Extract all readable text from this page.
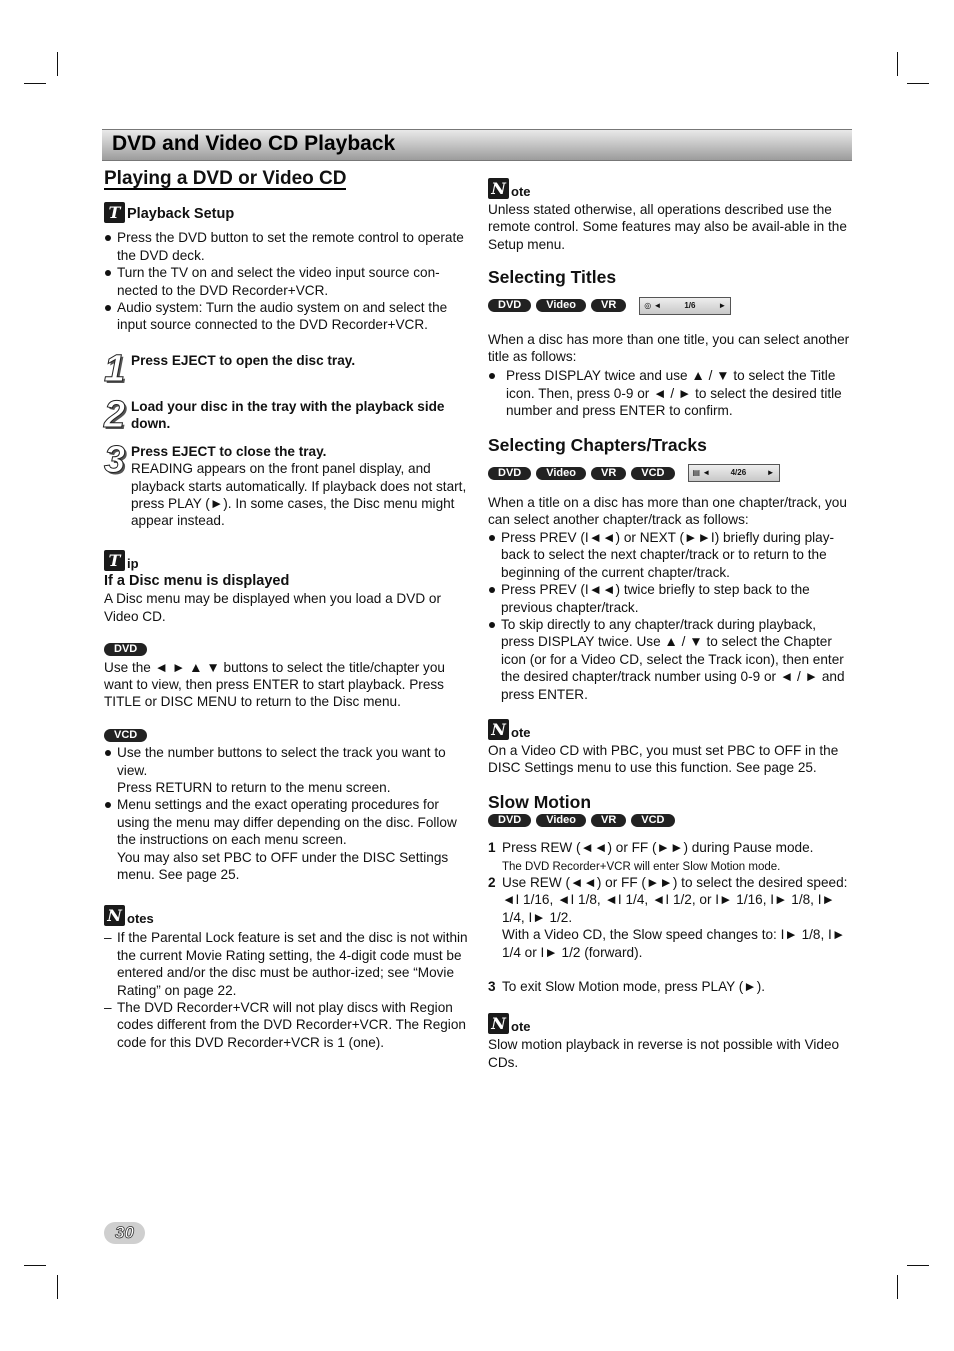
DVD and Video CD Playback
Playing a DVD or Video CD
T Playback Setup
Press the DVD button to set the remote control to operate the DVD deck.
Turn the TV on and select the video input source con-nected to the DVD Recorder+VCR.
Audio system: Turn the audio system on and select the input source connected to the DVD Recorder+VCR.
1 Press EJECT to open the disc tray.

2 Load your disc in the tray with the playback side down.

3 Press EJECT to close the tray.

READING appears on the front panel display, and playback starts automatically. If playback does not start, press PLAY (►). In some cases, the Disc menu might appear instead.

T ip

If a Disc menu is displayed

A Disc menu may be displayed when you load a DVD or Video CD.

DVD

Use the ◄ ► ▲ ▼ buttons to select the title/chapter you want to view, then press ENTER to start playback. Press TITLE or DISC MENU to return to the Disc menu.

VCD
Use the number buttons to select the track you want to view.
Press RETURN to return to the menu screen.
Menu settings and the exact operating procedures for using the menu may differ depending on the disc. Follow the instructions on each menu screen.
You may also set PBC to OFF under the DISC Settings menu. See page 25.
N otes
– If the Parental Lock feature is set and the disc is not within the current Movie Rating setting, the 4-digit code must be entered and/or the disc must be author-ized; see “Movie Rating” on page 22.
– The DVD Recorder+VCR will not play discs with Region codes different from the DVD Recorder+VCR. The Region code for this DVD Recorder+VCR is 1 (one).
N ote

Unless stated otherwise, all operations described use the remote control. Some features may also be avail-able in the Setup menu.

Selecting Titles
DVD	Video	VR	◎ ◄	1/6	►

When a disc has more than one title, you can select another title as follows:

Press DISPLAY twice and use ▲ / ▼ to select the Title icon. Then, press 0-9 or ◄ / ► to select the desired title number and press ENTER to confirm.
Selecting Chapters/Tracks
DVD	Video	VR	VCD	▤ ◄	4/26	►

When a title on a disc has more than one chapter/track, you can select another chapter/track as follows:

Press PREV (I◄◄) or NEXT (►►I) briefly during play-back to select the next chapter/track or to return to the beginning of the current chapter/track.
Press PREV (I◄◄) twice briefly to step back to the previous chapter/track.
To skip directly to any chapter/track during playback, press DISPLAY twice. Use ▲ / ▼ to select the Chapter icon (or for a Video CD, select the Track icon), then enter the desired chapter/track number using 0-9 or ◄ / ► and press ENTER.
N ote

On a Video CD with PBC, you must set PBC to OFF in the DISC Settings menu to use this function. See page 25.

Slow Motion
DVD	Video	VR	VCD
1 Press REW (◄◄) or FF (►►) during Pause mode.
The DVD Recorder+VCR will enter Slow Motion mode.
2 Use REW (◄◄) or FF (►►) to select the desired speed: ◄I 1/16, ◄I 1/8, ◄I 1/4, ◄I 1/2, or I► 1/16, I► 1/8, I► 1/4, I► 1/2.
With a Video CD, the Slow speed changes to: I► 1/8, I► 1/4 or I► 1/2 (forward).
3 To exit Slow Motion mode, press PLAY (►).
N ote

Slow motion playback in reverse is not possible with Video CDs.

30
